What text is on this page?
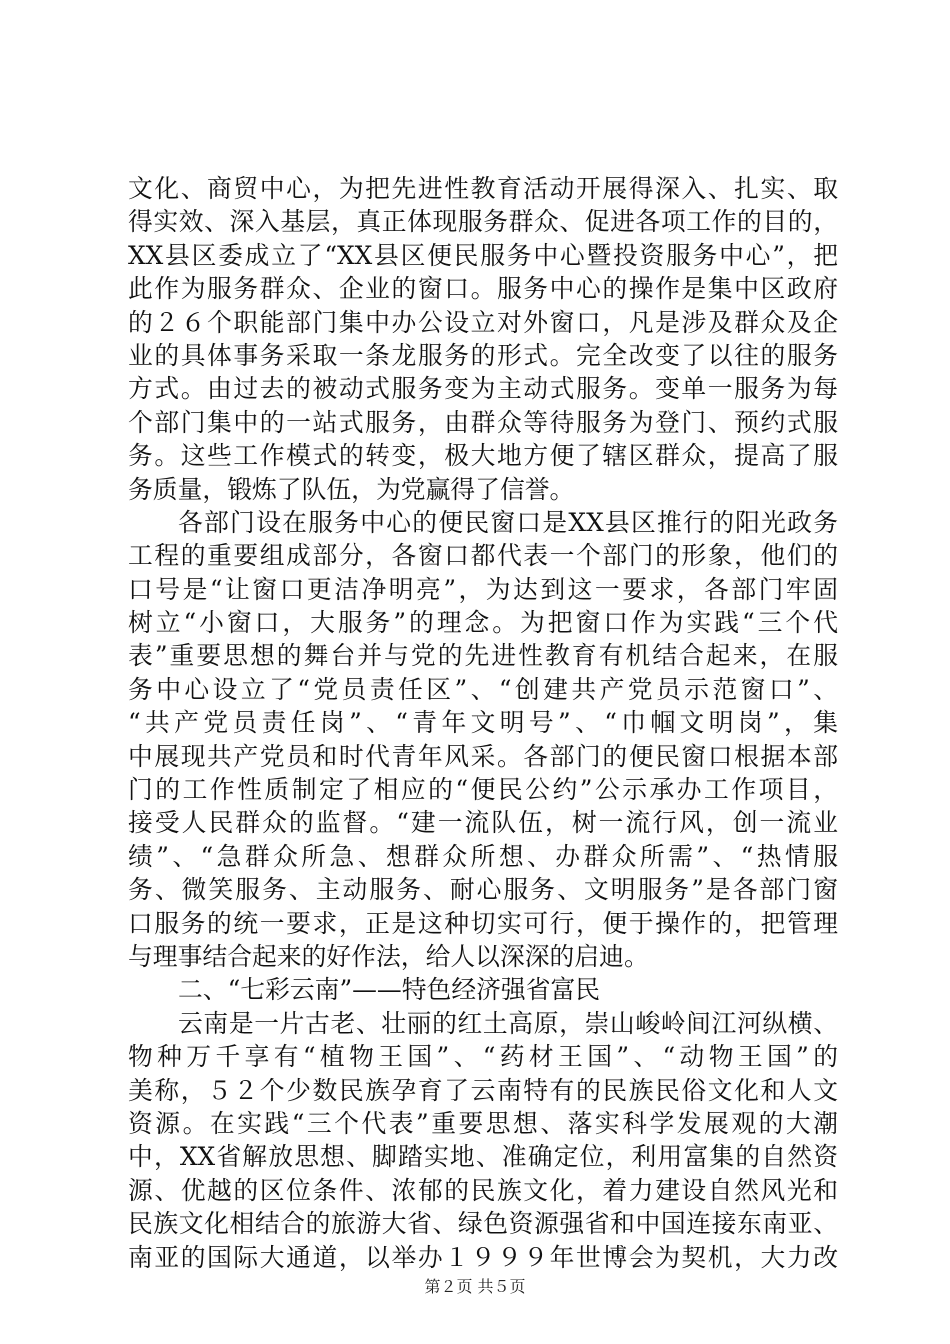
文化、商贸中心，为把先进性教育活动开展得深入、扎实、取
得实效、深入基层，真正体现服务群众、促进各项工作的目的，
XX县区委成立了“XX县区便民服务中心暨投资服务中心”，把
此作为服务群众、企业的窗口。服务中心的操作是集中区政府
的２６个职能部门集中办公设立对外窗口，凡是涉及群众及企
业的具体事务采取一条龙服务的形式。完全改变了以往的服务
方式。由过去的被动式服务变为主动式服务。变单一服务为每
个部门集中的一站式服务，由群众等待服务为登门、预约式服
务。这些工作模式的转变，极大地方便了辖区群众，提高了服
务质量，锻炼了队伍，为党赢得了信誉。
各部门设在服务中心的便民窗口是XX县区推行的阳光政务
工程的重要组成部分，各窗口都代表一个部门的形象，他们的
口号是“让窗口更洁净明亮”，为达到这一要求，各部门牢固
树立“小窗口，大服务”的理念。为把窗口作为实践“三个代
表”重要思想的舞台并与党的先进性教育有机结合起来，在服
务中心设立了“党员责任区”、“创建共产党员示范窗口”、
“共产党员责任岗”、“青年文明号”、“巾帼文明岗”，集
中展现共产党员和时代青年风采。各部门的便民窗口根据本部
门的工作性质制定了相应的“便民公约”公示承办工作项目，
接受人民群众的监督。“建一流队伍，树一流行风，创一流业
绩”、“急群众所急、想群众所想、办群众所需”、“热情服
务、微笑服务、主动服务、耐心服务、文明服务”是各部门窗
口服务的统一要求，正是这种切实可行，便于操作的，把管理
与理事结合起来的好作法，给人以深深的启迪。
二、“七彩云南”——特色经济强省富民
云南是一片古老、壮丽的红土高原，崇山峻岭间江河纵横、
物种万千享有“植物王国”、“药材王国”、“动物王国”的
美称，５２个少数民族孕育了云南特有的民族民俗文化和人文
资源。在实践“三个代表”重要思想、落实科学发展观的大潮
中，XX省解放思想、脚踏实地、准确定位，利用富集的自然资
源、优越的区位条件、浓郁的民族文化，着力建设自然风光和
民族文化相结合的旅游大省、绿色资源强省和中国连接东南亚、
南亚的国际大通道，以举办１９９９年世博会为契机，大力改
第２页 共５页
